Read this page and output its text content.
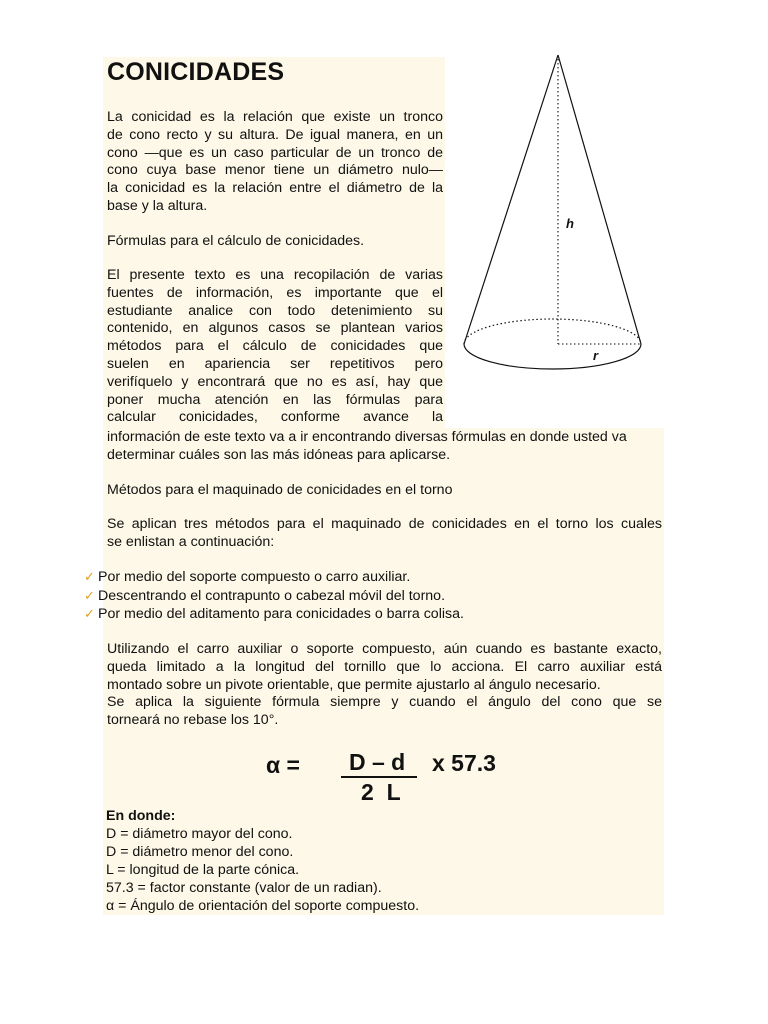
CONICIDADES
La conicidad es la relación que existe un tronco
de cono recto y su altura. De igual manera, en un
cono —que es un caso particular de un tronco de
cono cuya base menor tiene un diámetro nulo—
la conicidad es la relación entre el diámetro de la
base y la altura.
Fórmulas para el cálculo de conicidades.
El presente texto es una recopilación de varias
fuentes de información, es importante que el
estudiante analice con todo detenimiento su
contenido, en algunos casos se plantean varios
métodos para el cálculo de conicidades que
suelen en apariencia ser repetitivos pero
verifíquelo y encontrará que no es así, hay que
poner mucha atención en las fórmulas para
calcular conicidades, conforme avance la
información de este texto va a ir encontrando diversas fórmulas en donde usted va
determinar cuáles son las más idóneas para aplicarse.
Métodos para el maquinado de conicidades en el torno
Se aplican tres métodos para el maquinado de conicidades en el torno los cuales
se enlistan a continuación:
✓ Por medio del soporte compuesto o carro auxiliar.
✓ Descentrando el contrapunto o cabezal móvil del torno.
✓ Por medio del aditamento para conicidades o barra colisa.
Utilizando el carro auxiliar o soporte compuesto, aún cuando es bastante exacto,
queda limitado a la longitud del tornillo que lo acciona. El carro auxiliar está
montado sobre un pivote orientable, que permite ajustarlo al ángulo necesario.
Se aplica la siguiente fórmula siempre y cuando el ángulo del cono que se
torneará no rebase los 10°.
α = D – d
2  L
x 57.3
En donde:
D = diámetro mayor del cono.
D = diámetro menor del cono.
L = longitud de la parte cónica.
57.3 = factor constante (valor de un radian).
α = Ángulo de orientación del soporte compuesto.
h
r
